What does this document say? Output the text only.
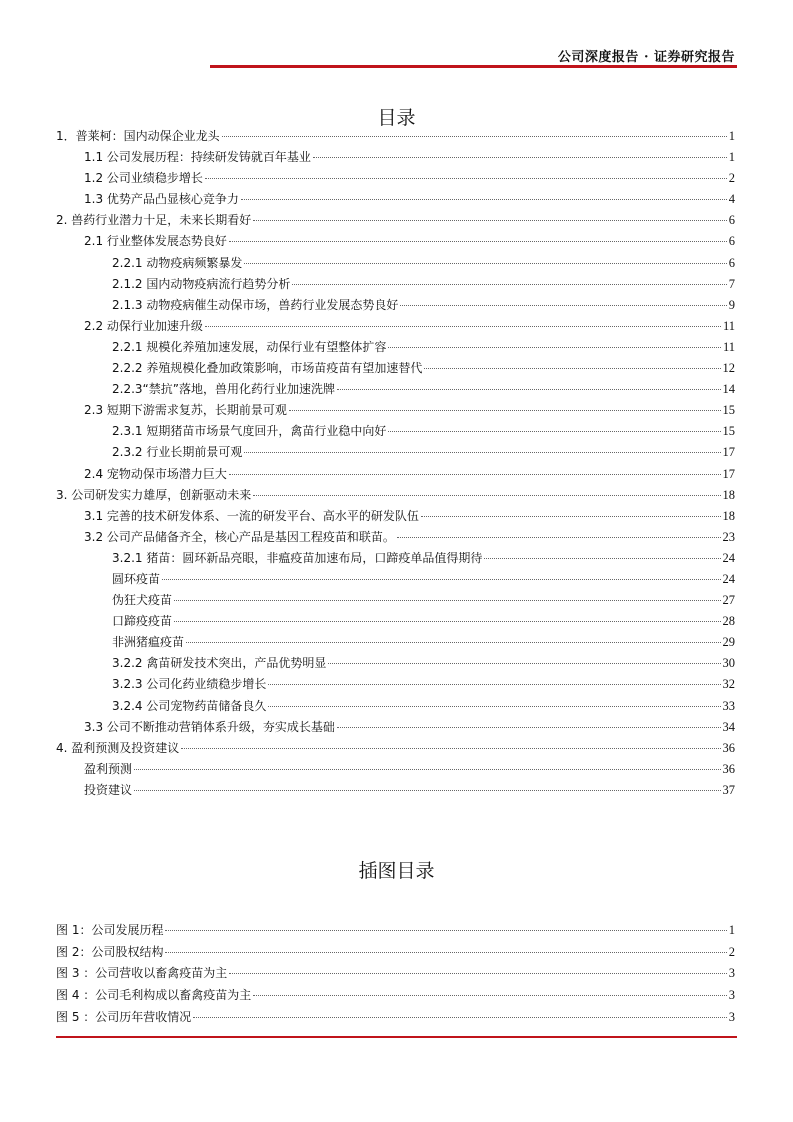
公司深度报告 · 证券研究报告
目录
1．普莱柯：国内动保企业龙头	1
1.1 公司发展历程：持续研发铸就百年基业	1
1.2 公司业绩稳步增长	2
1.3 优势产品凸显核心竞争力	4
2. 兽药行业潜力十足，未来长期看好	6
2.1 行业整体发展态势良好	6
2.2.1 动物疫病频繁暴发	6
2.1.2 国内动物疫病流行趋势分析	7
2.1.3 动物疫病催生动保市场，兽药行业发展态势良好	9
2.2 动保行业加速升级	11
2.2.1 规模化养殖加速发展，动保行业有望整体扩容	11
2.2.2 养殖规模化叠加政策影响，市场苗疫苗有望加速替代	12
2.2.3“禁抗”落地，兽用化药行业加速洗牌	14
2.3 短期下游需求复苏，长期前景可观	15
2.3.1 短期猪苗市场景气度回升，禽苗行业稳中向好	15
2.3.2 行业长期前景可观	17
2.4 宠物动保市场潜力巨大	17
3. 公司研发实力雄厚，创新驱动未来	18
3.1 完善的技术研发体系、一流的研发平台、高水平的研发队伍	18
3.2 公司产品储备齐全，核心产品是基因工程疫苗和联苗。	23
3.2.1 猪苗：圆环新品亮眼，非瘟疫苗加速布局，口蹄疫单品值得期待	24
圆环疫苗	24
伪狂犬疫苗	27
口蹄疫疫苗	28
非洲猪瘟疫苗	29
3.2.2 禽苗研发技术突出，产品优势明显	30
3.2.3 公司化药业绩稳步增长	32
3.2.4 公司宠物药苗储备良久	33
3.3 公司不断推动营销体系升级，夯实成长基础	34
4. 盈利预测及投资建议	36
盈利预测	36
投资建议	37
插图目录
图 1：公司发展历程	1
图 2：公司股权结构	2
图 3 ：公司营收以畜禽疫苗为主	3
图 4 ：公司毛利构成以畜禽疫苗为主	3
图 5 ：公司历年营收情况	3
